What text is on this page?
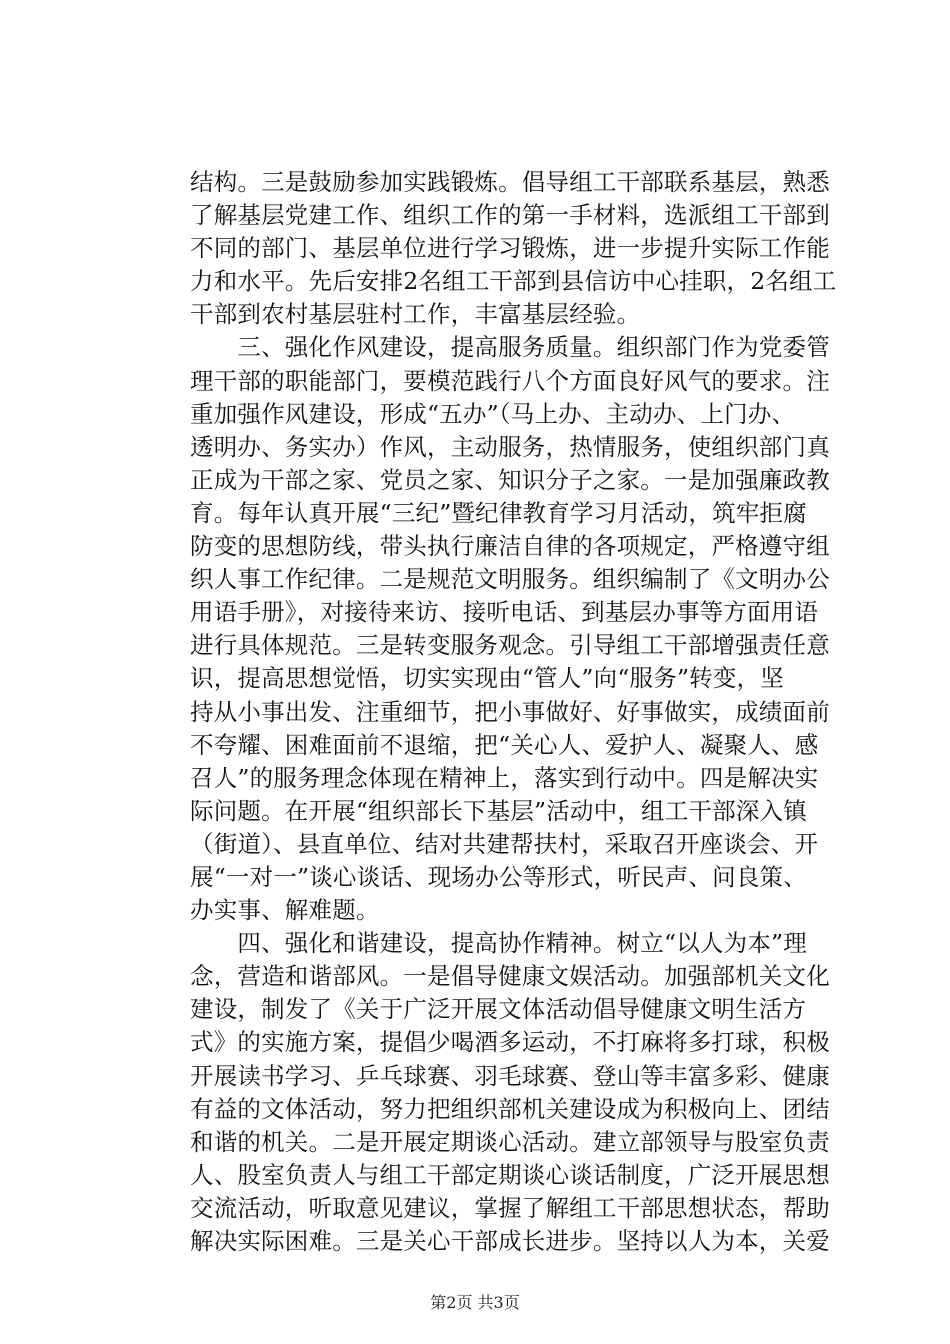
结构。三是鼓励参加实践锻炼。倡导组工干部联系基层，熟悉
了解基层党建工作、组织工作的第一手材料，选派组工干部到
不同的部门、基层单位进行学习锻炼，进一步提升实际工作能
力和水平。先后安排2名组工干部到县信访中心挂职，2名组工
干部到农村基层驻村工作，丰富基层经验。
　　三、强化作风建设，提高服务质量。组织部门作为党委管
理干部的职能部门，要模范践行八个方面良好风气的要求。注
重加强作风建设，形成“五办”（马上办、主动办、上门办、
透明办、务实办）作风，主动服务，热情服务，使组织部门真
正成为干部之家、党员之家、知识分子之家。一是加强廉政教
育。每年认真开展“三纪”暨纪律教育学习月活动，筑牢拒腐
防变的思想防线，带头执行廉洁自律的各项规定，严格遵守组
织人事工作纪律。二是规范文明服务。组织编制了《文明办公
用语手册》，对接待来访、接听电话、到基层办事等方面用语
进行具体规范。三是转变服务观念。引导组工干部增强责任意
识，提高思想觉悟，切实实现由“管人”向“服务”转变，坚
持从小事出发、注重细节，把小事做好、好事做实，成绩面前
不夸耀、困难面前不退缩，把“关心人、爱护人、凝聚人、感
召人”的服务理念体现在精神上，落实到行动中。四是解决实
际问题。在开展“组织部长下基层”活动中，组工干部深入镇
（街道）、县直单位、结对共建帮扶村，采取召开座谈会、开
展“一对一”谈心谈话、现场办公等形式，听民声、问良策、
办实事、解难题。
　　四、强化和谐建设，提高协作精神。树立“以人为本”理
念，营造和谐部风。一是倡导健康文娱活动。加强部机关文化
建设，制发了《关于广泛开展文体活动倡导健康文明生活方
式》的实施方案，提倡少喝酒多运动，不打麻将多打球，积极
开展读书学习、乒乓球赛、羽毛球赛、登山等丰富多彩、健康
有益的文体活动，努力把组织部机关建设成为积极向上、团结
和谐的机关。二是开展定期谈心活动。建立部领导与股室负责
人、股室负责人与组工干部定期谈心谈话制度，广泛开展思想
交流活动，听取意见建议，掌握了解组工干部思想状态，帮助
解决实际困难。三是关心干部成长进步。坚持以人为本，关爱
第2页 共3页
